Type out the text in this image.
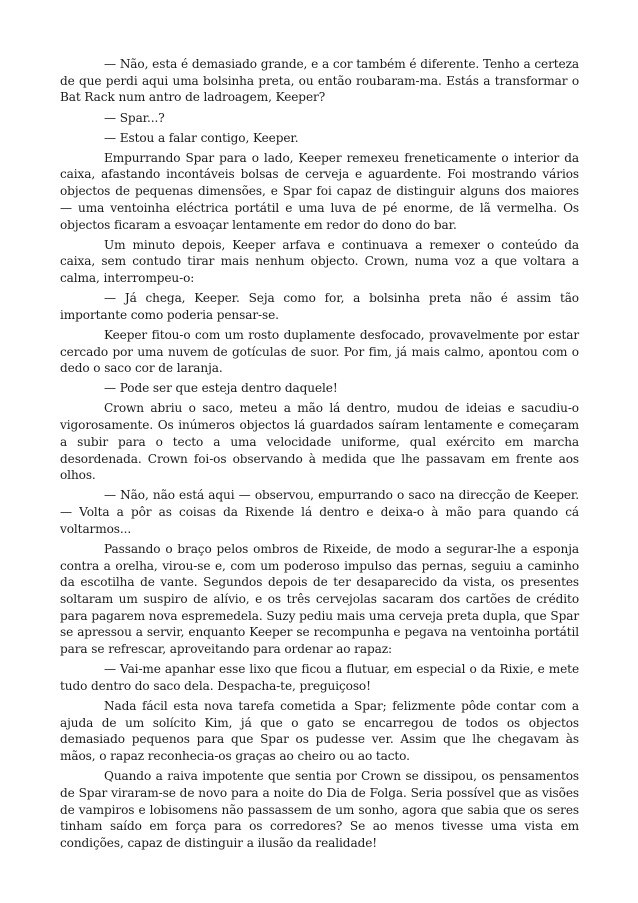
— Não, esta é demasiado grande, e a cor também é diferente. Tenho a certeza de que perdi aqui uma bolsinha preta, ou então roubaram-ma. Estás a transformar o Bat Rack num antro de ladroagem, Keeper?

— Spar...?

— Estou a falar contigo, Keeper.

Empurrando Spar para o lado, Keeper remexeu freneticamente o interior da caixa, afastando incontáveis bolsas de cerveja e aguardente. Foi mostrando vários objectos de pequenas dimensões, e Spar foi capaz de distinguir alguns dos maiores — uma ventoinha eléctrica portátil e uma luva de pé enorme, de lã vermelha. Os objectos ficaram a esvoaçar lentamente em redor do dono do bar.

Um minuto depois, Keeper arfava e continuava a remexer o conteúdo da caixa, sem contudo tirar mais nenhum objecto. Crown, numa voz a que voltara a calma, interrompeu-o:

— Já chega, Keeper. Seja como for, a bolsinha preta não é assim tão importante como poderia pensar-se.

Keeper fitou-o com um rosto duplamente desfocado, provavelmente por estar cercado por uma nuvem de gotículas de suor. Por fim, já mais calmo, apontou com o dedo o saco cor de laranja.

— Pode ser que esteja dentro daquele!

Crown abriu o saco, meteu a mão lá dentro, mudou de ideias e sacudiu-o vigorosamente. Os inúmeros objectos lá guardados saíram lentamente e começaram a subir para o tecto a uma velocidade uniforme, qual exército em marcha desordenada. Crown foi-os observando à medida que lhe passavam em frente aos olhos.

— Não, não está aqui — observou, empurrando o saco na direcção de Keeper. — Volta a pôr as coisas da Rixende lá dentro e deixa-o à mão para quando cá voltarmos...

Passando o braço pelos ombros de Rixeide, de modo a segurar-lhe a esponja contra a orelha, virou-se e, com um poderoso impulso das pernas, seguiu a caminho da escotilha de vante. Segundos depois de ter desaparecido da vista, os presentes soltaram um suspiro de alívio, e os três cervejolas sacaram dos cartões de crédito para pagarem nova espremedela. Suzy pediu mais uma cerveja preta dupla, que Spar se apressou a servir, enquanto Keeper se recompunha e pegava na ventoinha portátil para se refrescar, aproveitando para ordenar ao rapaz:

— Vai-me apanhar esse lixo que ficou a flutuar, em especial o da Rixie, e mete tudo dentro do saco dela. Despacha-te, preguiçoso!

Nada fácil esta nova tarefa cometida a Spar; felizmente pôde contar com a ajuda de um solícito Kim, já que o gato se encarregou de todos os objectos demasiado pequenos para que Spar os pudesse ver. Assim que lhe chegavam às mãos, o rapaz reconhecia-os graças ao cheiro ou ao tacto.

Quando a raiva impotente que sentia por Crown se dissipou, os pensamentos de Spar viraram-se de novo para a noite do Dia de Folga. Seria possível que as visões de vampiros e lobisomens não passassem de um sonho, agora que sabia que os seres tinham saído em força para os corredores? Se ao menos tivesse uma vista em condições, capaz de distinguir a ilusão da realidade!
